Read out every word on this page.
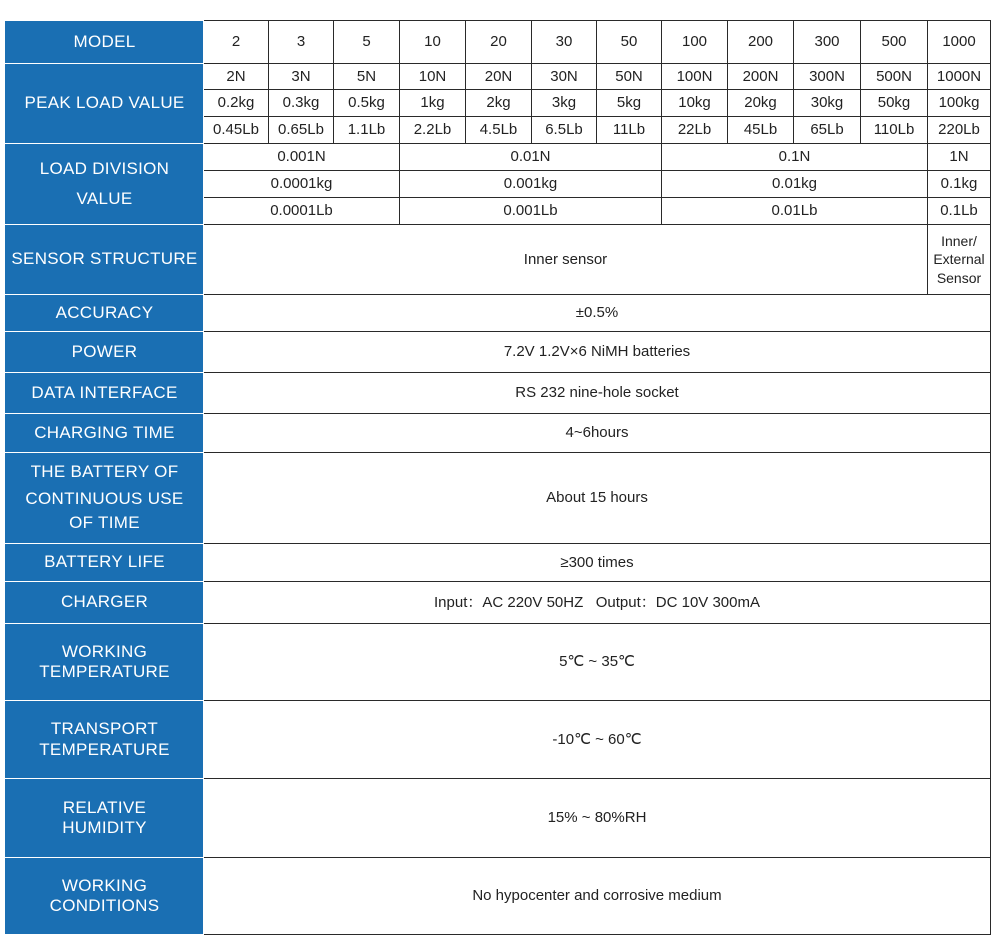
MODEL	2	3	5	10	20	30	50	100	200	300	500	1000
PEAK LOAD VALUE	2N	3N	5N	10N	20N	30N	50N	100N	200N	300N	500N	1000N
	0.2kg	0.3kg	0.5kg	1kg	2kg	3kg	5kg	10kg	20kg	30kg	50kg	100kg
	0.45Lb	0.65Lb	1.1Lb	2.2Lb	4.5Lb	6.5Lb	11Lb	22Lb	45Lb	65Lb	110Lb	220Lb

LOAD DIVISION
VALUE	0.001N			0.01N				0.1N				1N
	0.0001kg			0.001kg				0.01kg				0.1kg
	0.0001Lb			0.001Lb				0.01Lb				0.1Lb
SENSOR STRUCTURE	Inner sensor											Inner/
External
Sensor

ACCURACY	±0.5%											
POWER	7.2V 1.2V×6 NiMH batteries											
DATA INTERFACE	RS 232 nine-hole socket											
CHARGING TIME	4~6hours											

THE BATTERY OF
CONTINUOUS USE
OF TIME	About 15 hours											
BATTERY LIFE	≥300 times											
CHARGER	Input：AC 220V 50HZ   Output：DC 10V 300mA											

WORKING
TEMPERATURE	5℃ ~ 35℃											

TRANSPORT
TEMPERATURE	-10℃ ~ 60℃											

RELATIVE
HUMIDITY	15% ~ 80%RH											

WORKING
CONDITIONS	No hypocenter and corrosive medium											
